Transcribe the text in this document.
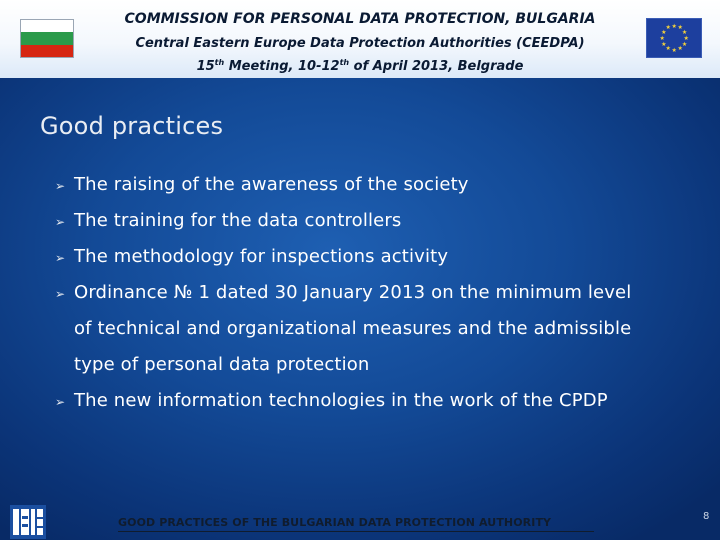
COMMISSION FOR PERSONAL DATA PROTECTION, BULGARIA
Central Eastern Europe Data Protection Authorities (CEEDPA)
15th Meeting, 10-12th of April 2013, Belgrade
★ ★
★
★
★
★
★
★
★
★
★
★
Good practices
➢ The raising of the awareness of the society
➢ The training for the data controllers
➢ The methodology for inspections activity
➢ Ordinance № 1 dated 30 January 2013 on the minimum level
of technical and organizational measures and the admissible
type of personal data protection
➢ The new information technologies in the work of the CPDP
GOOD PRACTICES OF THE BULGARIAN DATA PROTECTION AUTHORITY	8
